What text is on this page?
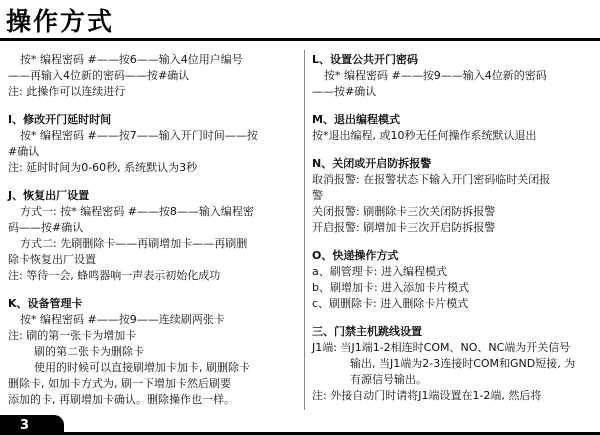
操作方式
按* 编程密码 #——按6——输入4位用户编号
——再输入4位新的密码——按#确认
注: 此操作可以连续进行
I、修改开门延时时间
按* 编程密码 #——按7——输入开门时间——按
#确认
注: 延时时间为0-60秒, 系统默认为3秒
J、恢复出厂设置
方式一: 按* 编程密码 #——按8——输入编程密
码——按#确认
方式二: 先刷删除卡——再刷增加卡——再刷删
除卡恢复出厂设置
注: 等待一会, 蜂鸣器响一声表示初始化成功
K、设备管理卡
按* 编程密码 #——按9——连续刷两张卡
注: 刷的第一张卡为增加卡
刷的第二张卡为删除卡
使用的时候可以直接刷增加卡加卡, 刷删除卡
删除卡, 如加卡方式为, 刷一下增加卡然后刷要
添加的卡, 再刷增加卡确认。删除操作也一样。
L、设置公共开门密码
按* 编程密码 #——按9——输入4位新的密码
——按#确认
M、退出编程模式
按*退出编程, 或10秒无任何操作系统默认退出
N、关闭或开启防拆报警
取消报警: 在报警状态下输入开门密码临时关闭报
警
关闭报警: 刷删除卡三次关闭防拆报警
开启报警: 刷增加卡三次开启防拆报警
O、快递操作方式
a、刷管理卡: 进入编程模式
b、刷增加卡: 进入添加卡片模式
c、刷删除卡: 进入删除卡片模式
三、门禁主机跳线设置
J1端: 当J1端1-2相连时COM、NO、NC端为开关信号
输出, 当J1端为2-3连接时COM和GND短接, 为
有源信号输出。
注: 外接自动门时请将J1端设置在1-2端, 然后将
3
